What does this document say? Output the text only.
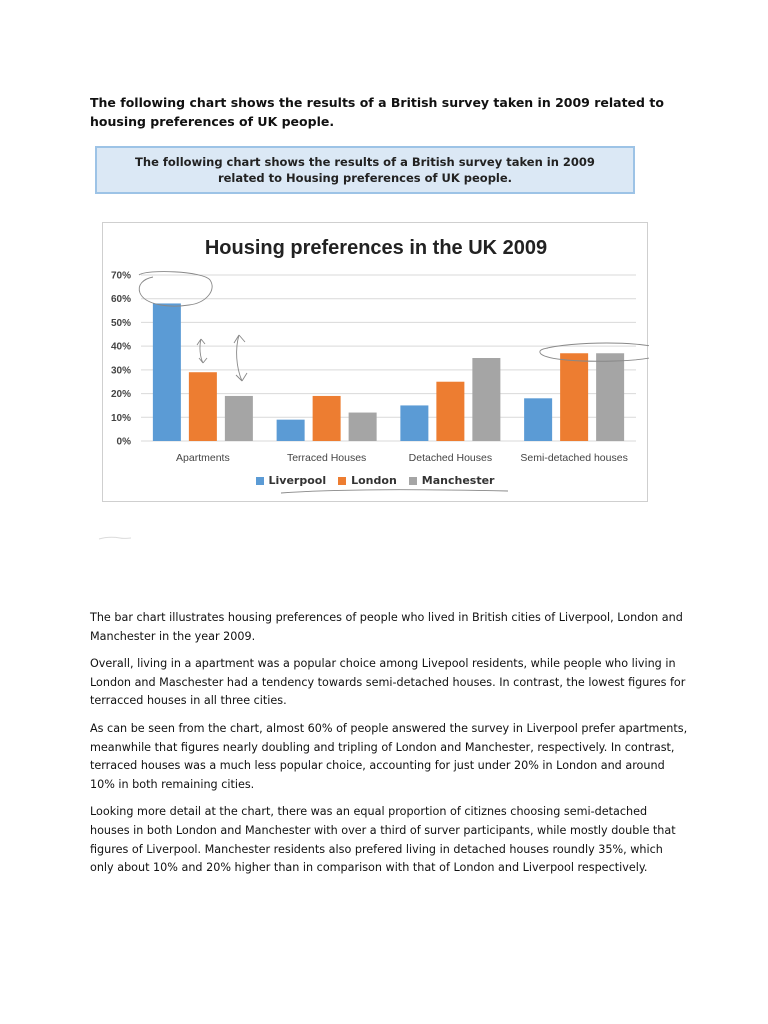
The following chart shows the results of a British survey taken in 2009 related to housing preferences of UK people.
The following chart shows the results of a British survey taken in 2009 related to Housing preferences of UK people.
Housing preferences in the UK 2009
0%
10%
20%
30%
40%
50%
60%
70%
Apartments	Terraced Houses	Detached Houses	Semi-detached houses
Liverpool London Manchester

The bar chart illustrates housing preferences of people who lived in British cities of Liverpool, London and Manchester in the year 2009.

Overall, living in a apartment was a popular choice among Livepool residents, while people who living in London and Maschester had a tendency towards semi-detached houses. In contrast, the lowest figures for terracced houses in all three cities.

As can be seen from the chart, almost 60% of people answered the survey in Liverpool prefer apartments, meanwhile that figures nearly doubling and tripling of London and Manchester, respectively. In contrast, terraced houses was a much less popular choice, accounting for just under 20% in London and around 10% in both remaining cities.

Looking more detail at the chart, there was an equal proportion of citiznes choosing semi-detached houses in both London and Manchester with over a third of surver participants, while mostly double that figures of Liverpool. Manchester residents also prefered living in detached houses roundly 35%, which only about 10% and 20% higher than in comparison with that of London and Liverpool respectively.
